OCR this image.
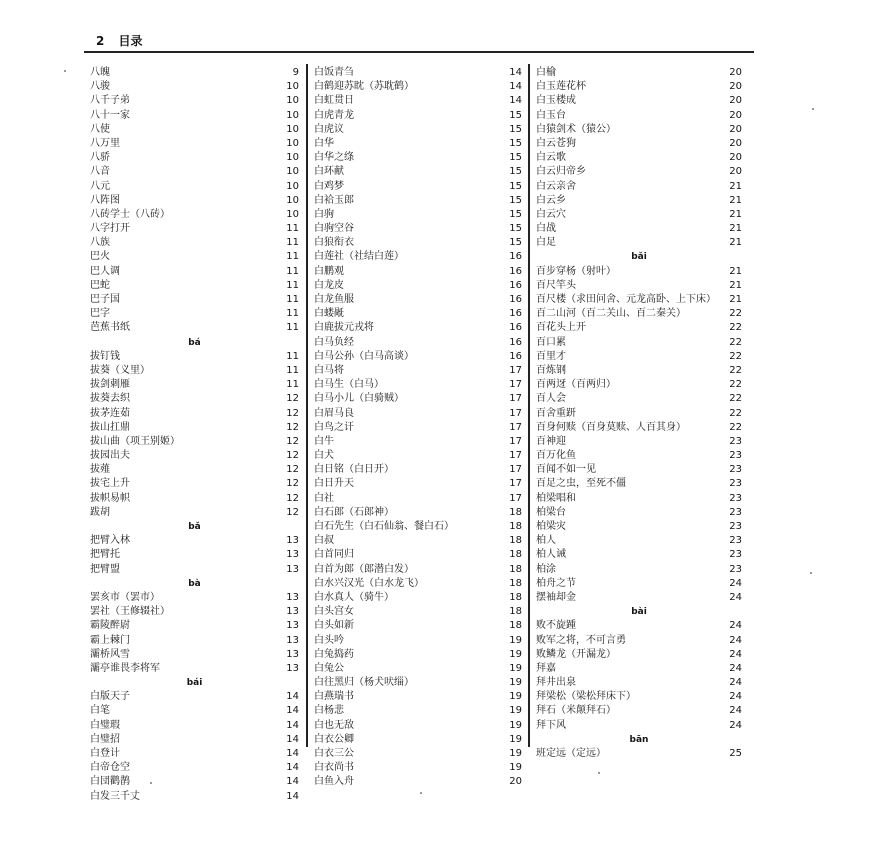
2 目录
八魄	9
八骏	10
八千子弟	10
八十一家	10
八使	10
八万里	10
八骄	10
八音	10
八元	10
八阵图	10
八砖学士（八砖）	10
八字打开	11
八族	11
巴火	11
巴人调	11
巴蛇	11
巴子国	11
巴字	11
芭蕉书纸	11
bá
拔钉钱	11
拔葵（义里）	11
拔剑刺雁	11
拔葵去织	12
拔茅连茹	12
拔山扛鼎	12
拔山曲（项王别姬）	12
拔园出夫	12
拔薤	12
拔宅上升	12
拔帜易帜	12
跋胡	12
bǎ
把臂入林	13
把臂托	13
把臂盟	13
bà
罢亥市（罢市）	13
罢社（王修辍社）	13
霸陵醉尉	13
霸上棘门	13
灞桥风雪	13
灞亭谁畏李将军	13
bái
白版天子	14
白笔	14
白璧瑕	14
白璧招	14
白登计	14
白帝仓空	14
白団鹳鹊	14
白发三千丈	14
白饭青刍	14
白鹤迎苏眈（苏耽鹤）	14
白虹贯日	14
白虎青龙	15
白虎议	15
白华	15
白华之绦	15
白环献	15
白鸡梦	15
白袷玉郎	15
白驹	15
白驹空谷	15
白狼衔衣	15
白莲社（社结白莲）	16
白鹏观	16
白龙皮	16
白龙鱼服	16
白蝼旤	16
白鹿拔元戎将	16
白马负经	16
白马公孙（白马高谈）	16
白马将	17
白马生（白马）	17
白马小儿（白骑贼）	17
白眉马良	17
白鸟之讦	17
白牛	17
白犬	17
白日铭（白日开）	17
白日升天	17
白社	17
白石郎（石郎神）	18
白石先生（白石仙翁、餐白石）	18
白叔	18
白首同归	18
白首为郎（郎潜白发）	18
白水兴汉光（白水龙飞）	18
白水真人（骑牛）	18
白头宫女	18
白头如新	18
白头吟	19
白兔捣药	19
白兔公	19
白往黑归（杨犬吠缁）	19
白燕瑞书	19
白杨悲	19
白也无敌	19
白衣公卿	19
白衣三公	19
白衣尚书	19
白鱼入舟	20
白榆	20
白玉莲花杯	20
白玉楼成	20
白玉台	20
白猿剑术（猿公）	20
白云苍狗	20
白云歌	20
白云归帝乡	20
白云亲舍	21
白云乡	21
白云穴	21
白战	21
白足	21
bǎi
百步穿杨（射叶）	21
百尺竿头	21
百尺楼（求田问舍、元龙高卧、上下床）	21
百二山河（百二关山、百二秦关）	22
百花头上开	22
百口累	22
百里才	22
百炼钢	22
百两迓（百两归）	22
百人会	22
百舍重趼	22
百身何赎（百身莫赎、人百其身）	22
百神迎	23
百万化鱼	23
百闻不如一见	23
百足之虫，至死不僵	23
柏梁唱和	23
柏梁台	23
柏梁灾	23
柏人	23
柏人诫	23
柏涂	23
柏舟之节	24
摆袖却金	24
bài
败不旋踵	24
败军之将，不可言勇	24
败鳞龙（开漏龙）	24
拜嘉	24
拜井出泉	24
拜梁松（梁松拜床下）	24
拜石（米颠拜石）	24
拜下风	24
bān
班定远（定远）	25
